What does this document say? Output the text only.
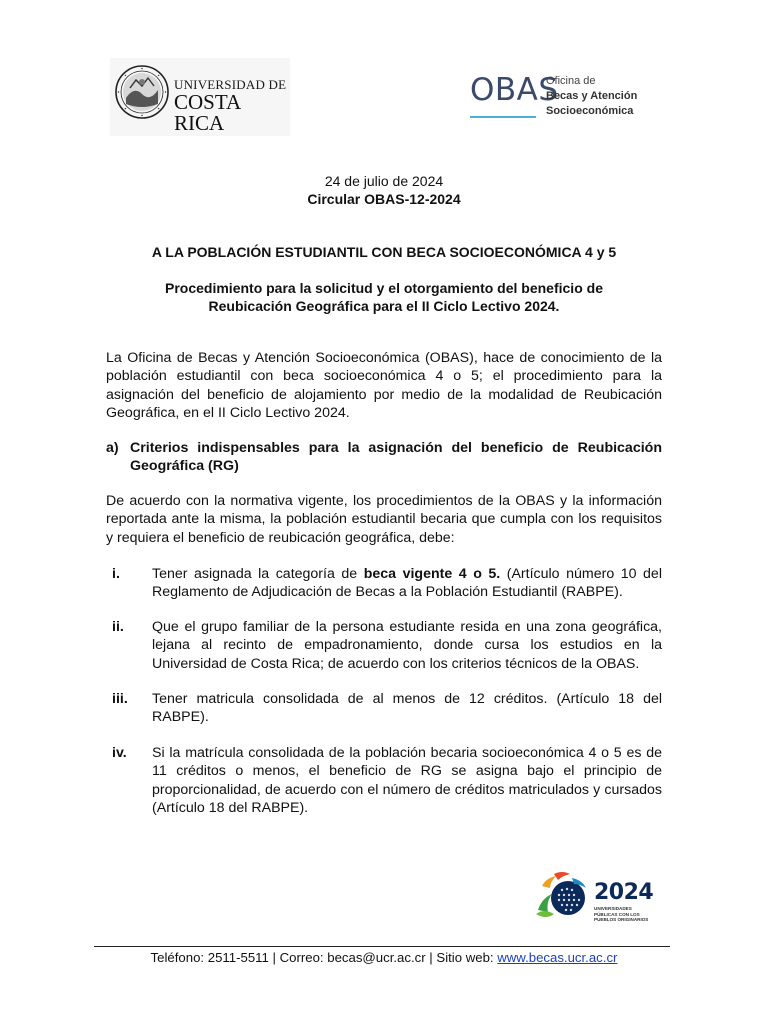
UNIVERSIDAD DE
COSTA RICA
OBAS
Oficina de
Becas y Atención
Socioeconómica
24 de julio de 2024
Circular OBAS-12-2024
A LA POBLACIÓN ESTUDIANTIL CON BECA SOCIOECONÓMICA 4 y 5
Procedimiento para la solicitud y el otorgamiento del beneficio de
Reubicación Geográfica para el II Ciclo Lectivo 2024.

La Oficina de Becas y Atención Socioeconómica (OBAS), hace de conocimiento de la población estudiantil con beca socioeconómica 4 o 5; el procedimiento para la asignación del beneficio de alojamiento por medio de la modalidad de Reubicación Geográfica, en el II Ciclo Lectivo 2024.

a) Criterios indispensables para la asignación del beneficio de Reubicación Geográfica (RG)

De acuerdo con la normativa vigente, los procedimientos de la OBAS y la información reportada ante la misma, la población estudiantil becaria que cumpla con los requisitos y requiera el beneficio de reubicación geográfica, debe:

i. Tener asignada la categoría de beca vigente 4 o 5. (Artículo número 10 del Reglamento de Adjudicación de Becas a la Población Estudiantil (RABPE).
ii. Que el grupo familiar de la persona estudiante resida en una zona geográfica, lejana al recinto de empadronamiento, donde cursa los estudios en la Universidad de Costa Rica; de acuerdo con los criterios técnicos de la OBAS.
iii. Tener matricula consolidada de al menos de 12 créditos. (Artículo 18 del RABPE).
iv. Si la matrícula consolidada de la población becaria socioeconómica 4 o 5 es de 11 créditos o menos, el beneficio de RG se asigna bajo el principio de proporcionalidad, de acuerdo con el número de créditos matriculados y cursados (Artículo 18 del RABPE).
2024
UNIVERSIDADES
PÚBLICAS CON LOS
PUEBLOS ORIGINARIOS
Teléfono: 2511-5511 | Correo: becas@ucr.ac.cr | Sitio web: www.becas.ucr.ac.cr
